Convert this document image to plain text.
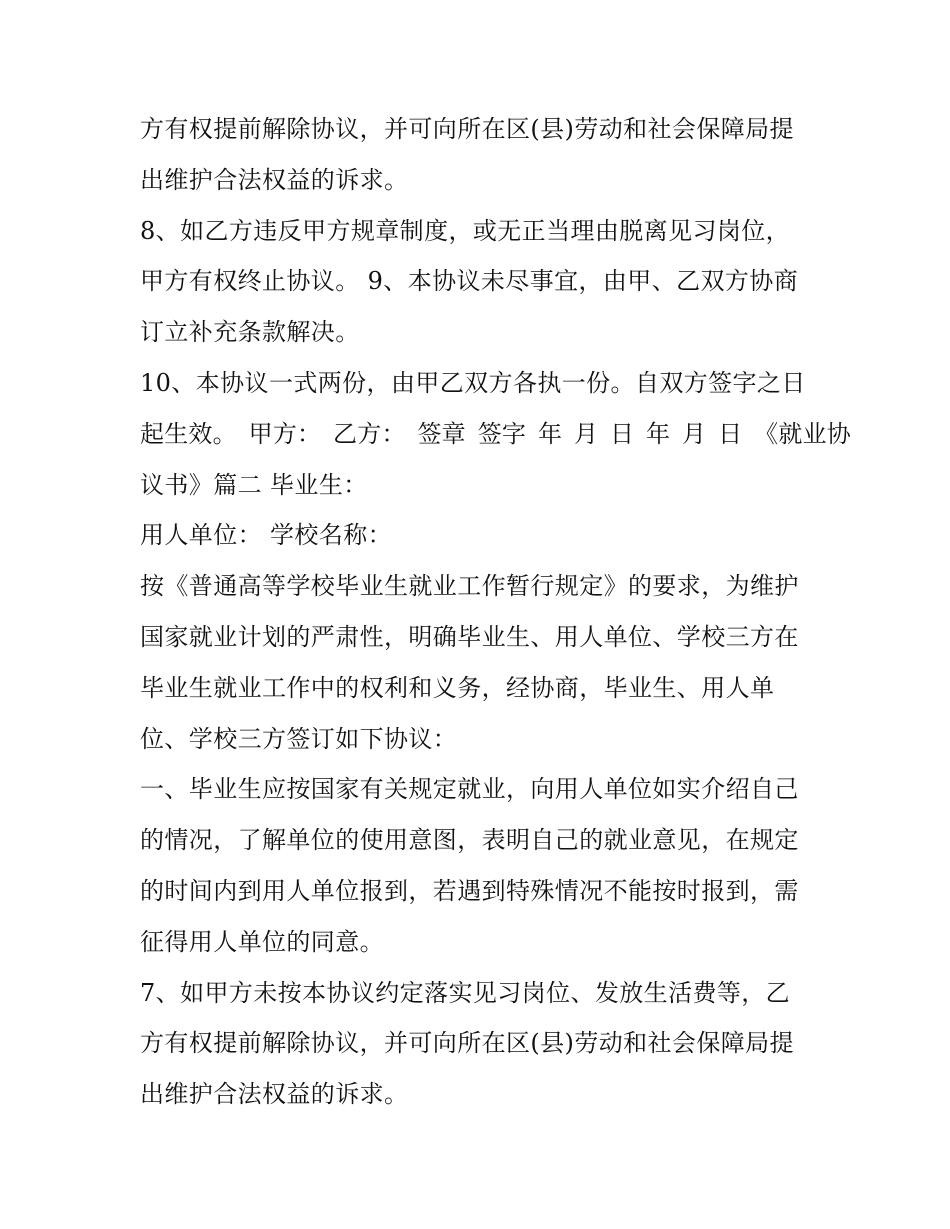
方有权提前解除协议，并可向所在区(县)劳动和社会保障局提
出维护合法权益的诉求。
8、如乙方违反甲方规章制度，或无正当理由脱离见习岗位，
甲方有权终止协议。 9、本协议未尽事宜，由甲、乙双方协商
订立补充条款解决。
10、本协议一式两份，由甲乙双方各执一份。自双方签字之日
起生效。 甲方： 乙方： 签章 签字 年 月 日 年 月 日 《就业协
议书》篇二 毕业生：
用人单位： 学校名称：
按《普通高等学校毕业生就业工作暂行规定》的要求，为维护
国家就业计划的严肃性，明确毕业生、用人单位、学校三方在
毕业生就业工作中的权利和义务，经协商，毕业生、用人单
位、学校三方签订如下协议：
一、毕业生应按国家有关规定就业，向用人单位如实介绍自己
的情况，了解单位的使用意图，表明自己的就业意见，在规定
的时间内到用人单位报到，若遇到特殊情况不能按时报到，需
征得用人单位的同意。
7、如甲方未按本协议约定落实见习岗位、发放生活费等，乙
方有权提前解除协议，并可向所在区(县)劳动和社会保障局提
出维护合法权益的诉求。
